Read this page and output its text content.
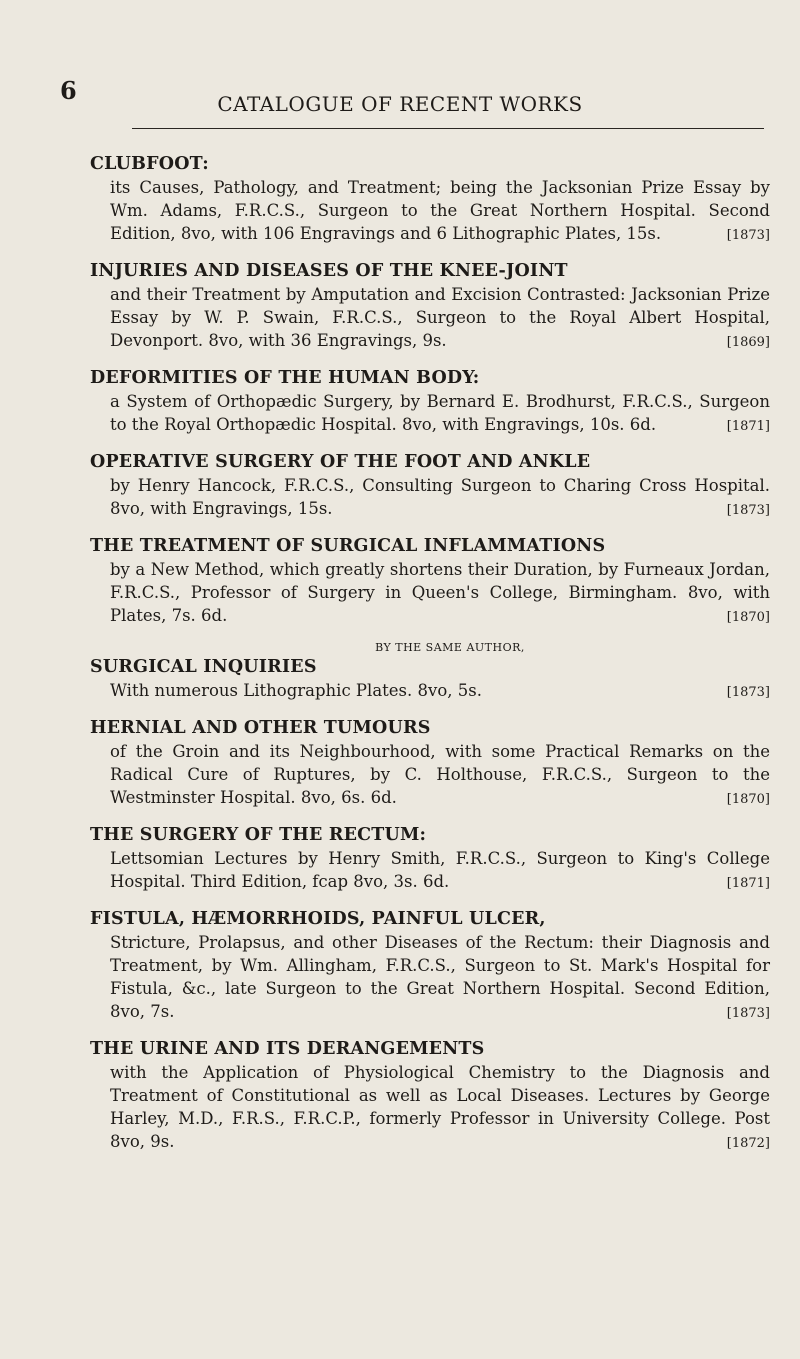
6	CATALOGUE OF RECENT WORKS
CLUBFOOT:
its Causes, Pathology, and Treatment; being the Jacksonian Prize Essay by Wm. Adams, F.R.C.S., Surgeon to the Great Northern Hospital. Second Edition, 8vo, with 106 Engravings and 6 Lithographic Plates, 15s.	[1873]
INJURIES AND DISEASES OF THE KNEE-JOINT
and their Treatment by Amputation and Excision Contrasted: Jacksonian Prize Essay by W. P. Swain, F.R.C.S., Surgeon to the Royal Albert Hospital, Devonport. 8vo, with 36 Engravings, 9s.	[1869]
DEFORMITIES OF THE HUMAN BODY:
a System of Orthopædic Surgery, by Bernard E. Brodhurst, F.R.C.S., Surgeon to the Royal Orthopædic Hospital. 8vo, with Engravings, 10s. 6d.	[1871]
OPERATIVE SURGERY OF THE FOOT AND ANKLE
by Henry Hancock, F.R.C.S., Consulting Surgeon to Charing Cross Hospital. 8vo, with Engravings, 15s.	[1873]
THE TREATMENT OF SURGICAL INFLAMMATIONS
by a New Method, which greatly shortens their Duration, by Furneaux Jordan, F.R.C.S., Professor of Surgery in Queen's College, Birmingham. 8vo, with Plates, 7s. 6d.	[1870]
BY THE SAME AUTHOR,
SURGICAL INQUIRIES
With numerous Lithographic Plates. 8vo, 5s.	[1873]
HERNIAL AND OTHER TUMOURS
of the Groin and its Neighbourhood, with some Practical Remarks on the Radical Cure of Ruptures, by C. Holthouse, F.R.C.S., Surgeon to the Westminster Hospital. 8vo, 6s. 6d.	[1870]
THE SURGERY OF THE RECTUM:
Lettsomian Lectures by Henry Smith, F.R.C.S., Surgeon to King's College Hospital. Third Edition, fcap 8vo, 3s. 6d.	[1871]
FISTULA, HÆMORRHOIDS, PAINFUL ULCER,
Stricture, Prolapsus, and other Diseases of the Rectum: their Diagnosis and Treatment, by Wm. Allingham, F.R.C.S., Surgeon to St. Mark's Hospital for Fistula, &c., late Surgeon to the Great Northern Hospital. Second Edition, 8vo, 7s.	[1873]
THE URINE AND ITS DERANGEMENTS
with the Application of Physiological Chemistry to the Diagnosis and Treatment of Constitutional as well as Local Diseases. Lectures by George Harley, M.D., F.R.S., F.R.C.P., formerly Professor in University College. Post 8vo, 9s.	[1872]
